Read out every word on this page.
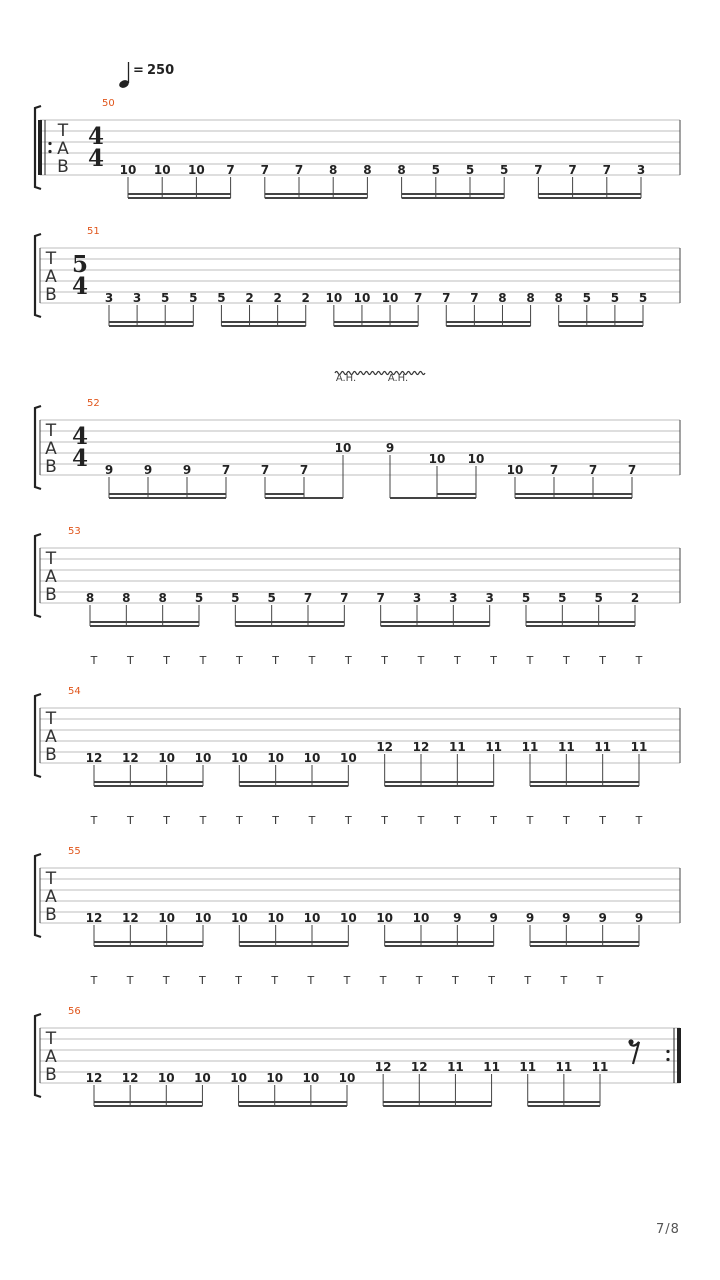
= 250
T
A
B
50
4
4 10 10 10 7 7 7 8 8 8 5 5 5 7 7 7 3
T
A
B
51
5
4 3 3 5 5 5 2 2 2 10 10 10 7 7 7 8 8 8 5 5 5
T
A
B
52
4
4 9	9	9	7	7	7
10	9
10 10
10 7	7	7
A.H.	A.H.
T
A
B
53
8 8 8 5 5 5 7 7 7 3 3 3 5 5 5 2
T
A
B
54
12
T
12
T
10
T
10
T
10
T
10
T
10
T
10
T
12
T
12
T
11
T
11
T
11
T
11
T
11
T
11
T
T
A
B
55
12
T
12
T
10
T
10
T
10
T
10
T
10
T
10
T
10
T
10
T
9
T
9
T
9
T
9
T
9
T
9
T
T
A
B
56
12
T
12
T
10
T
10
T
10
T
10
T
10
T
10
T
12
T
12
T
11
T
11
T
11
T
11
T
11
T
7/8
